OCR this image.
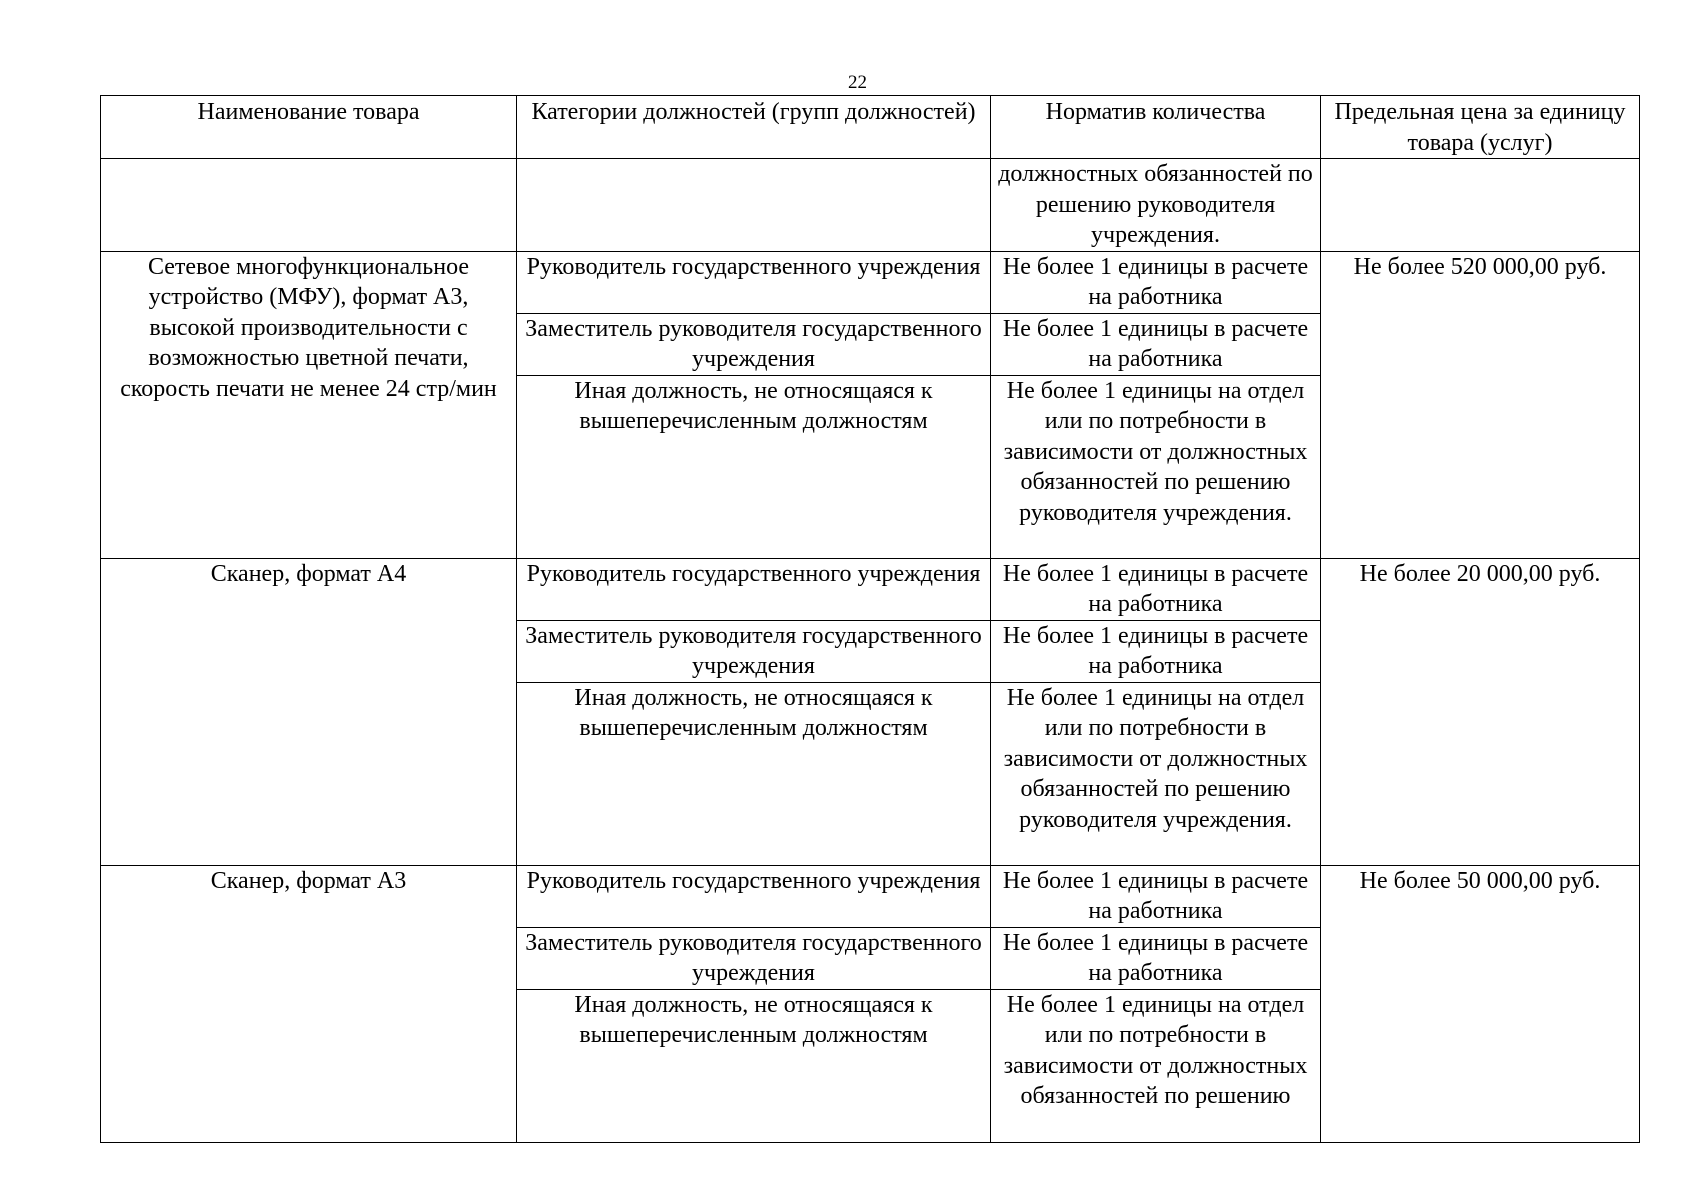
22
Наименование товара	Категории должностей (групп должностей)	Норматив количества	Предельная цена за единицу товара (услуг)
		должностных обязанностей по решению руководителя учреждения.	
Сетевое многофункциональное устройство (МФУ), формат А3, высокой производительности с возможностью цветной печати, скорость печати не менее 24 стр/мин	Руководитель государственного учреждения	Не более 1 единицы в расчете на работника	Не более 520 000,00 руб.
	Заместитель руководителя государственного учреждения	Не более 1 единицы в расчете на работника	
	Иная должность, не относящаяся к вышеперечисленным должностям	Не более 1 единицы на отдел или по потребности в зависимости от должностных обязанностей по решению руководителя учреждения.	
Сканер, формат А4	Руководитель государственного учреждения	Не более 1 единицы в расчете на работника	Не более 20 000,00 руб.
	Заместитель руководителя государственного учреждения	Не более 1 единицы в расчете на работника	
	Иная должность, не относящаяся к вышеперечисленным должностям	Не более 1 единицы на отдел или по потребности в зависимости от должностных обязанностей по решению руководителя учреждения.	
Сканер, формат А3	Руководитель государственного учреждения	Не более 1 единицы в расчете на работника	Не более 50 000,00 руб.
	Заместитель руководителя государственного учреждения	Не более 1 единицы в расчете на работника	
	Иная должность, не относящаяся к вышеперечисленным должностям	Не более 1 единицы на отдел или по потребности в зависимости от должностных обязанностей по решению	
